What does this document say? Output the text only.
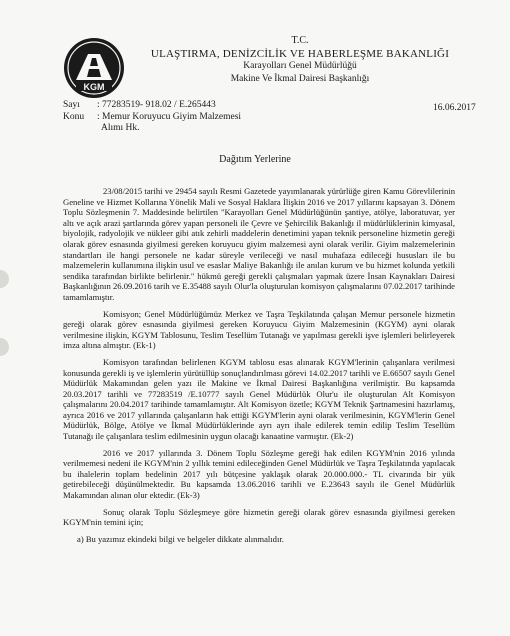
KGM
T.C.
ULAŞTIRMA, DENİZCİLİK VE HABERLEŞME BAKANLIĞI
Karayolları Genel Müdürlüğü
Makine Ve İkmal Dairesi Başkanlığı
Sayı : 77283519- 918.02 / E.265443
Konu : Memur Koruyucu Giyim Malzemesi
Alımı Hk.
16.06.2017
Dağıtım Yerlerine

23/08/2015 tarihi ve 29454 sayılı Resmi Gazetede yayımlanarak yürürlüğe giren Kamu Görevlilerinin Geneline ve Hizmet Kollarına Yönelik Mali ve Sosyal Haklara İlişkin 2016 ve 2017 yıllarını kapsayan 3. Dönem Toplu Sözleşmenin 7. Maddesinde belirtilen "Karayolları Genel Müdürlüğünün şantiye, atölye, laboratuvar, yer altı ve açık arazi şartlarında görev yapan personeli ile Çevre ve Şehircilik Bakanlığı il müdürlüklerinin kimyasal, biyolojik, radyolojik ve nükleer gibi atık zehirli maddelerin denetimini yapan teknik personeline hizmetin gereği olarak görev esnasında giyilmesi gereken koruyucu giyim malzemesi ayni olarak verilir. Giyim malzemelerinin standartları ile hangi personele ne kadar süreyle verileceği ve nasıl muhafaza edileceği hususları ile bu malzemelerin kullanımına ilişkin usul ve esaslar Maliye Bakanlığı ile anılan kurum ve bu hizmet kolunda yetkili sendika tarafından birlikte belirlenir." hükmü gereği gerekli çalışmaları yapmak üzere İnsan Kaynakları Dairesi Başkanlığının 26.09.2016 tarih ve E.35488 sayılı Olur'la oluşturulan komisyon çalışmalarını 07.02.2017 tarihinde tamamlamıştır.

Komisyon; Genel Müdürlüğümüz Merkez ve Taşra Teşkilatında çalışan Memur personele hizmetin gereği olarak görev esnasında giyilmesi gereken Koruyucu Giyim Malzemesinin (KGYM) ayni olarak verilmesine ilişkin, KGYM Tablosunu, Teslim Tesellüm Tutanağı ve yapılması gerekli işve işlemleri belirleyerek imza altına almıştır. (Ek-1)

Komisyon tarafından belirlenen KGYM tablosu esas alınarak KGYM'lerinin çalışanlara verilmesi konusunda gerekli iş ve işlemlerin yürütüllüp sonuçlandırılması görevi 14.02.2017 tarihli ve E.66507 sayılı Genel Müdürlük Makamından gelen yazı ile Makine ve İkmal Dairesi Başkanlığına verilmiştir. Bu kapsamda 20.03.2017 tarihli ve 77283519 /E.10777 sayılı Genel Müdürlük Olur'u ile oluşturulan Alt Komisyon çalışmalarını 20.04.2017 tarihinde tamamlamıştır. Alt Komisyon özetle; KGYM Teknik Şartnamesini hazırlamış, ayrıca 2016 ve 2017 yıllarında çalışanların hak ettiği KGYM'lerin ayni olarak verilmesinin, KGYM'lerin Genel Müdürlük, Bölge, Atölye ve İkmal Müdürlüklerinde ayrı ayrı ihale edilerek temin edilip Teslim Tesellüm Tutanağı ile çalışanlara teslim edilmesinin uygun olacağı kanaatine varmıştır. (Ek-2)

2016 ve 2017 yıllarında 3. Dönem Toplu Sözleşme gereği hak edilen KGYM'nin 2016 yılında verilmemesi nedeni ile KGYM'nin 2 yıllık temini edileceğinden Genel Müdürlük ve Taşra Teşkilatında yapılacak bu ihalelerin toplam bedelinin 2017 yılı bütçesine yaklaşık olarak 20.000.000.- TL civarında bir yük getirebileceği düşünülmektedir. Bu kapsamda 13.06.2016 tarihli ve E.23643 sayılı ile Genel Müdürlük Makamından alınan olur ektedir. (Ek-3)

Sonuç olarak Toplu Sözleşmeye göre hizmetin gereği olarak görev esnasında giyilmesi gereken KGYM'nin temini için;

a) Bu yazımız ekindeki bilgi ve belgeler dikkate alınmalıdır.
